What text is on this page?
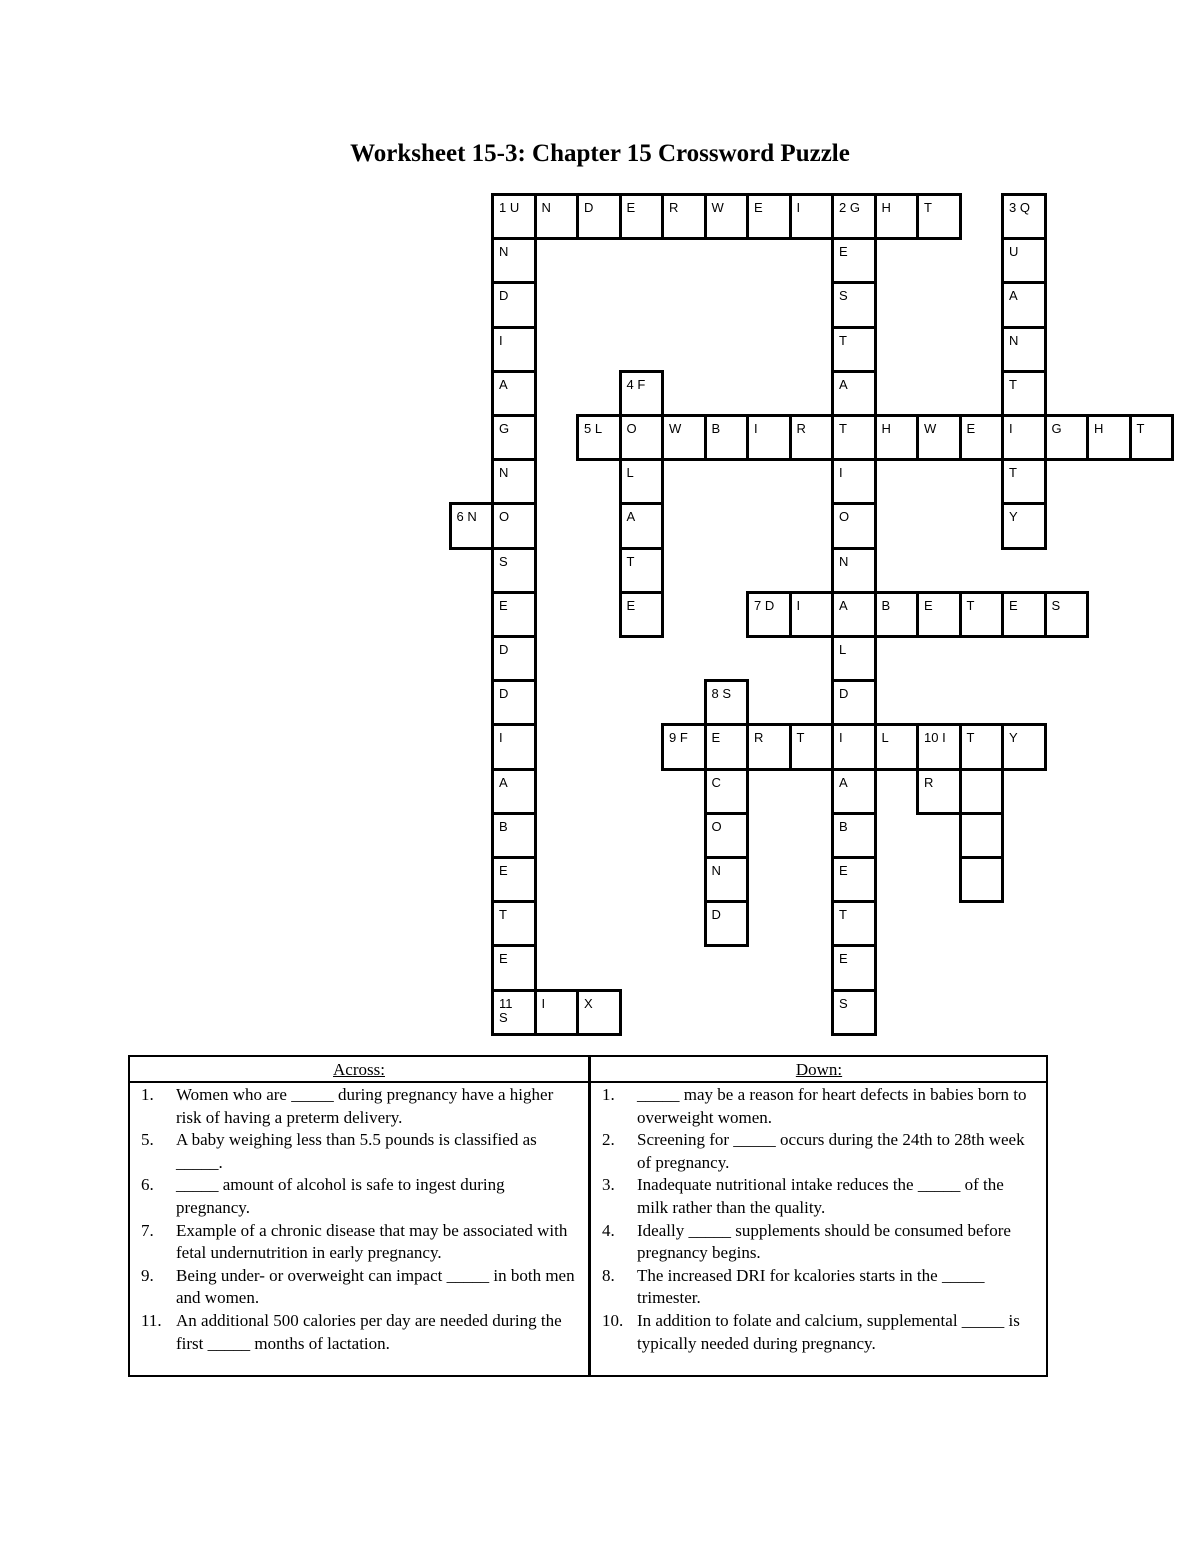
Worksheet 15-3: Chapter 15 Crossword Puzzle
1 U N	D	E	R	W E	I	2 G H	T	3 Q
N	E	U
D	S	A
I	T	N
A	4 F	A	T
G	5 L O W B	I	R	T	H	W E	I	G H	T
N	L	I	T
6 N O	A	O	Y
S	T	N
E	E	7 D I	A	B	E	T	E	S
D	L
D	8 S	D
I	9 F E	R	T	I	L	10 I T	Y
A	C	A	R
B	O	B
E	N	E
T	D	T
E	E
11
S
I	X	S
Across:
1.	Women who are _____ during pregnancy have a higher risk of having a preterm delivery.
5.	A baby weighing less than 5.5 pounds is classified as _____.
6.	_____ amount of alcohol is safe to ingest during pregnancy.
7.	Example of a chronic disease that may be associated with fetal undernutrition in early pregnancy.
9.	Being under- or overweight can impact _____ in both men and women.
11. An additional 500 calories per day are needed during the first _____ months of lactation.
Down:
1.	_____ may be a reason for heart defects in babies born to overweight women.
2.	Screening for _____ occurs during the 24th to 28th week of pregnancy.
3.	Inadequate nutritional intake reduces the _____ of the milk rather than the quality.
4.	Ideally _____ supplements should be consumed before pregnancy begins.
8.	The increased DRI for kcalories starts in the _____ trimester.
10. In addition to folate and calcium, supplemental _____ is typically needed during pregnancy.
